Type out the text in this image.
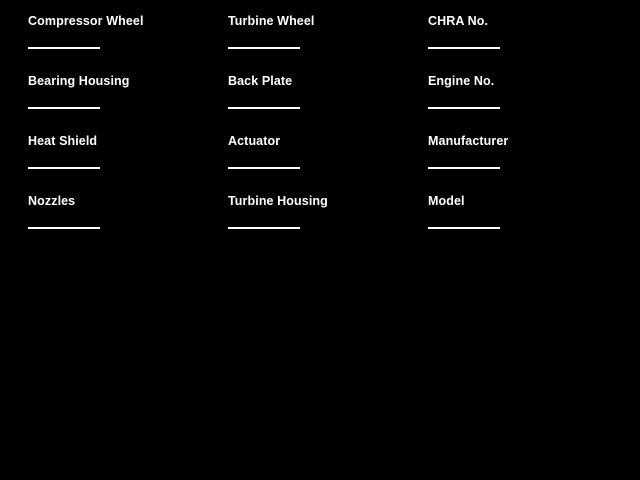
Compressor Wheel	Turbine Wheel	CHRA No.
Bearing Housing	Back Plate	Engine No.
Heat Shield	Actuator	Manufacturer
Nozzles	Turbine Housing	Model
